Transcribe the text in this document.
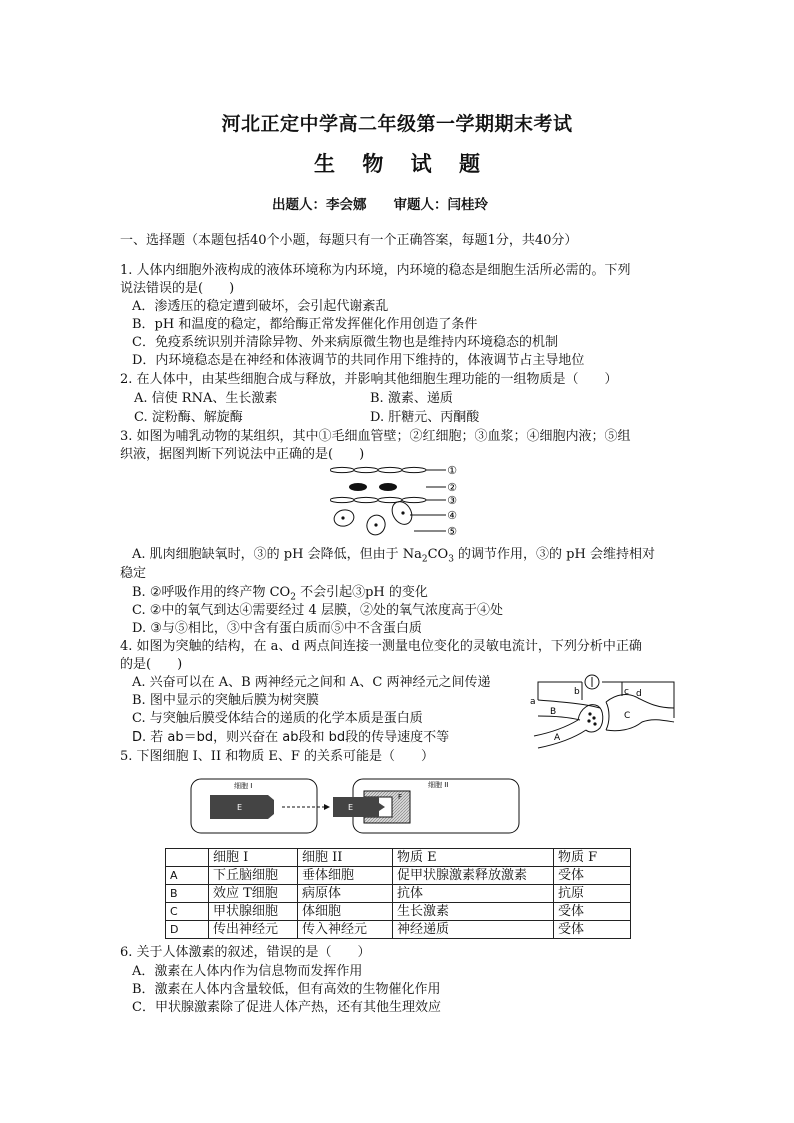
河北正定中学高二年级第一学期期末考试
生 物 试 题
出题人：李会娜　　审题人：闫桂玲
一、选择题（本题包括40个小题，每题只有一个正确答案，每题1分，共40分）
1. 人体内细胞外液构成的液体环境称为内环境，内环境的稳态是细胞生活所必需的。下列
说法错误的是(　　)
A．渗透压的稳定遭到破坏，会引起代谢紊乱
B．pH 和温度的稳定，都给酶正常发挥催化作用创造了条件
C．免疫系统识别并清除异物、外来病原微生物也是维持内环境稳态的机制
D．内环境稳态是在神经和体液调节的共同作用下维持的，体液调节占主导地位
2. 在人体中，由某些细胞合成与释放，并影响其他细胞生理功能的一组物质是（　　）
A. 信使 RNA、生长激素	B. 激素、递质
C. 淀粉酶、解旋酶	D. 肝糖元、丙酮酸
3. 如图为哺乳动物的某组织，其中①毛细血管壁；②红细胞；③血浆；④细胞内液；⑤组
织液，据图判断下列说法中正确的是(　　)
①
②
③
④
⑤
A. 肌肉细胞缺氧时，③的 pH 会降低，但由于 $Na_2CO_3$ 的调节作用，③的 pH 会维持相对
稳定
B. ②呼吸作用的终产物 $CO_2$ 不会引起③pH 的变化
C. ②中的氧气到达④需要经过 4 层膜，②处的氧气浓度高于④处
D. ③与⑤相比，③中含有蛋白质而⑤中不含蛋白质
4. 如图为突触的结构，在 a、d 两点间连接一测量电位变化的灵敏电流计，下列分析中正确
的是(　　)
A. 兴奋可以在 A、B 两神经元之间和 A、C 两神经元之间传递
B. 图中显示的突触后膜为树突膜
C. 与突触后膜受体结合的递质的化学本质是蛋白质
D. 若 ab＝bd，则兴奋在 ab段和 bd段的传导速度不等
b	c d
a
B	C
A
5. 下图细胞 I、II 和物质 E、F 的关系可能是（　　）
细胞 I	细胞 II
E	E
F
	细胞 I	细胞 II	物质 E	物质 F
A	下丘脑细胞	垂体细胞	促甲状腺激素释放激素	受体
B	效应 T细胞	病原体	抗体	抗原
C	甲状腺细胞	体细胞	生长激素	受体
D	传出神经元	传入神经元	神经递质	受体
6. 关于人体激素的叙述，错误的是（　　）
A．激素在人体内作为信息物而发挥作用
B．激素在人体内含量较低，但有高效的生物催化作用
C．甲状腺激素除了促进人体产热，还有其他生理效应
